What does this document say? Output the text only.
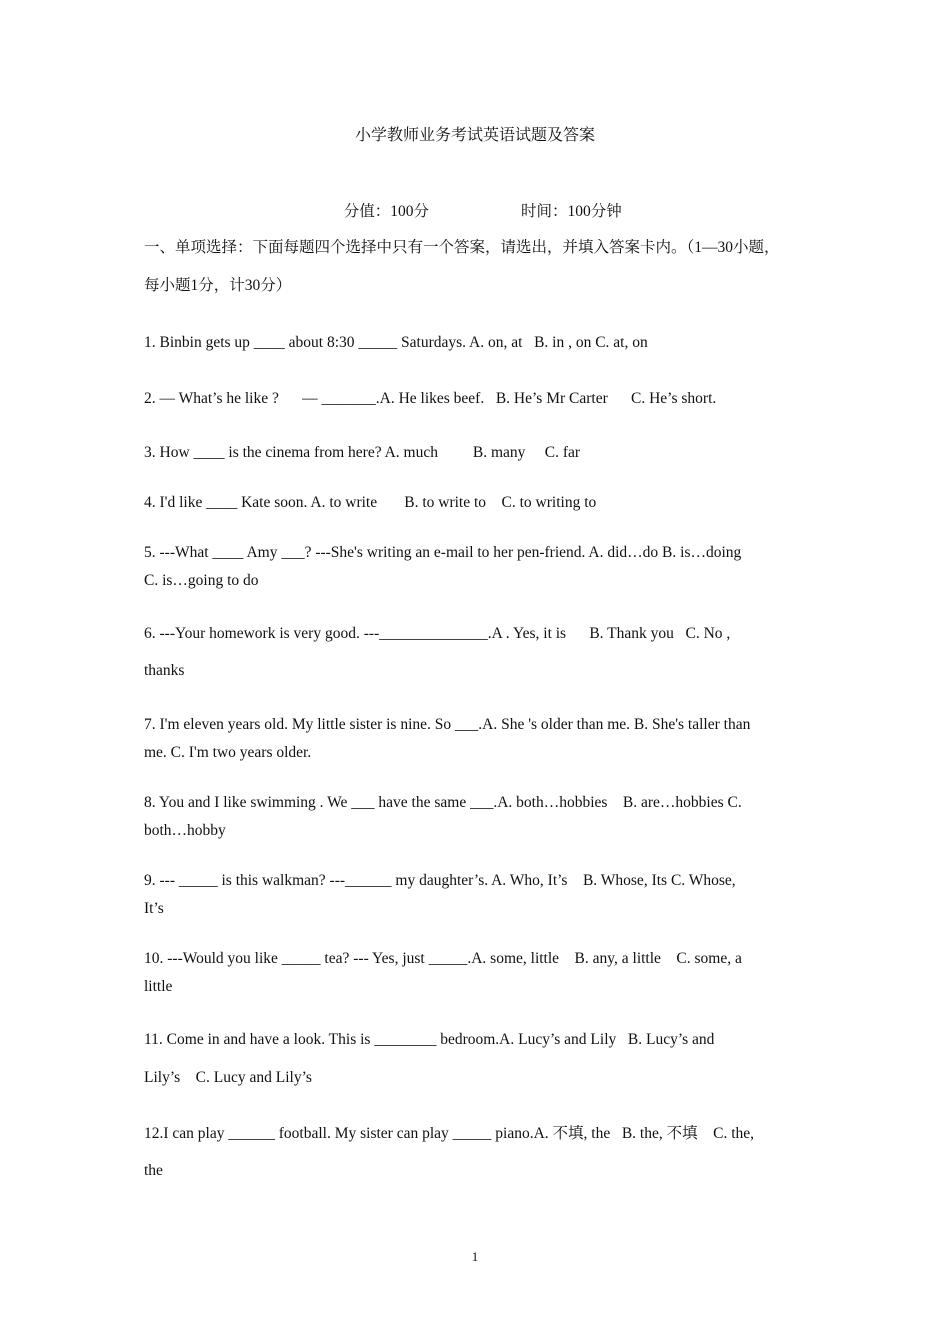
小学教师业务考试英语试题及答案

分值：100分	时间：100分钟

一、单项选择：下面每题四个选择中只有一个答案，请选出，并填入答案卡内。（1—30小题，
每小题1分，计30分）
1. Binbin gets up ____ about 8:30 _____ Saturdays. A. on, at   B. in , on C. at, on
2. — What’s he like ?      — _______.A. He likes beef.   B. He’s Mr Carter      C. He’s short.
3. How ____ is the cinema from here? A. much         B. many     C. far
4. I'd like ____ Kate soon. A. to write       B. to write to    C. to writing to
5. ---What ____ Amy ___? ---She's writing an e-mail to her pen-friend. A. did…do B. is…doing
C. is…going to do
6. ---Your homework is very good. ---______________.A . Yes, it is      B. Thank you   C. No ,
thanks
7. I'm eleven years old. My little sister is nine. So ___.A. She 's older than me. B. She's taller than
me. C. I'm two years older.
8. You and I like swimming . We ___ have the same ___.A. both…hobbies    B. are…hobbies C.
both…hobby
9. --- _____ is this walkman? ---______ my daughter’s. A. Who, It’s    B. Whose, Its C. Whose,
It’s
10. ---Would you like _____ tea? --- Yes, just _____.A. some, little    B. any, a little    C. some, a
little
11. Come in and have a look. This is ________ bedroom.A. Lucy’s and Lily   B. Lucy’s and
Lily’s    C. Lucy and Lily’s
12.I can play ______ football. My sister can play _____ piano.A. 不填, the   B. the, 不填    C. the,
the
1
